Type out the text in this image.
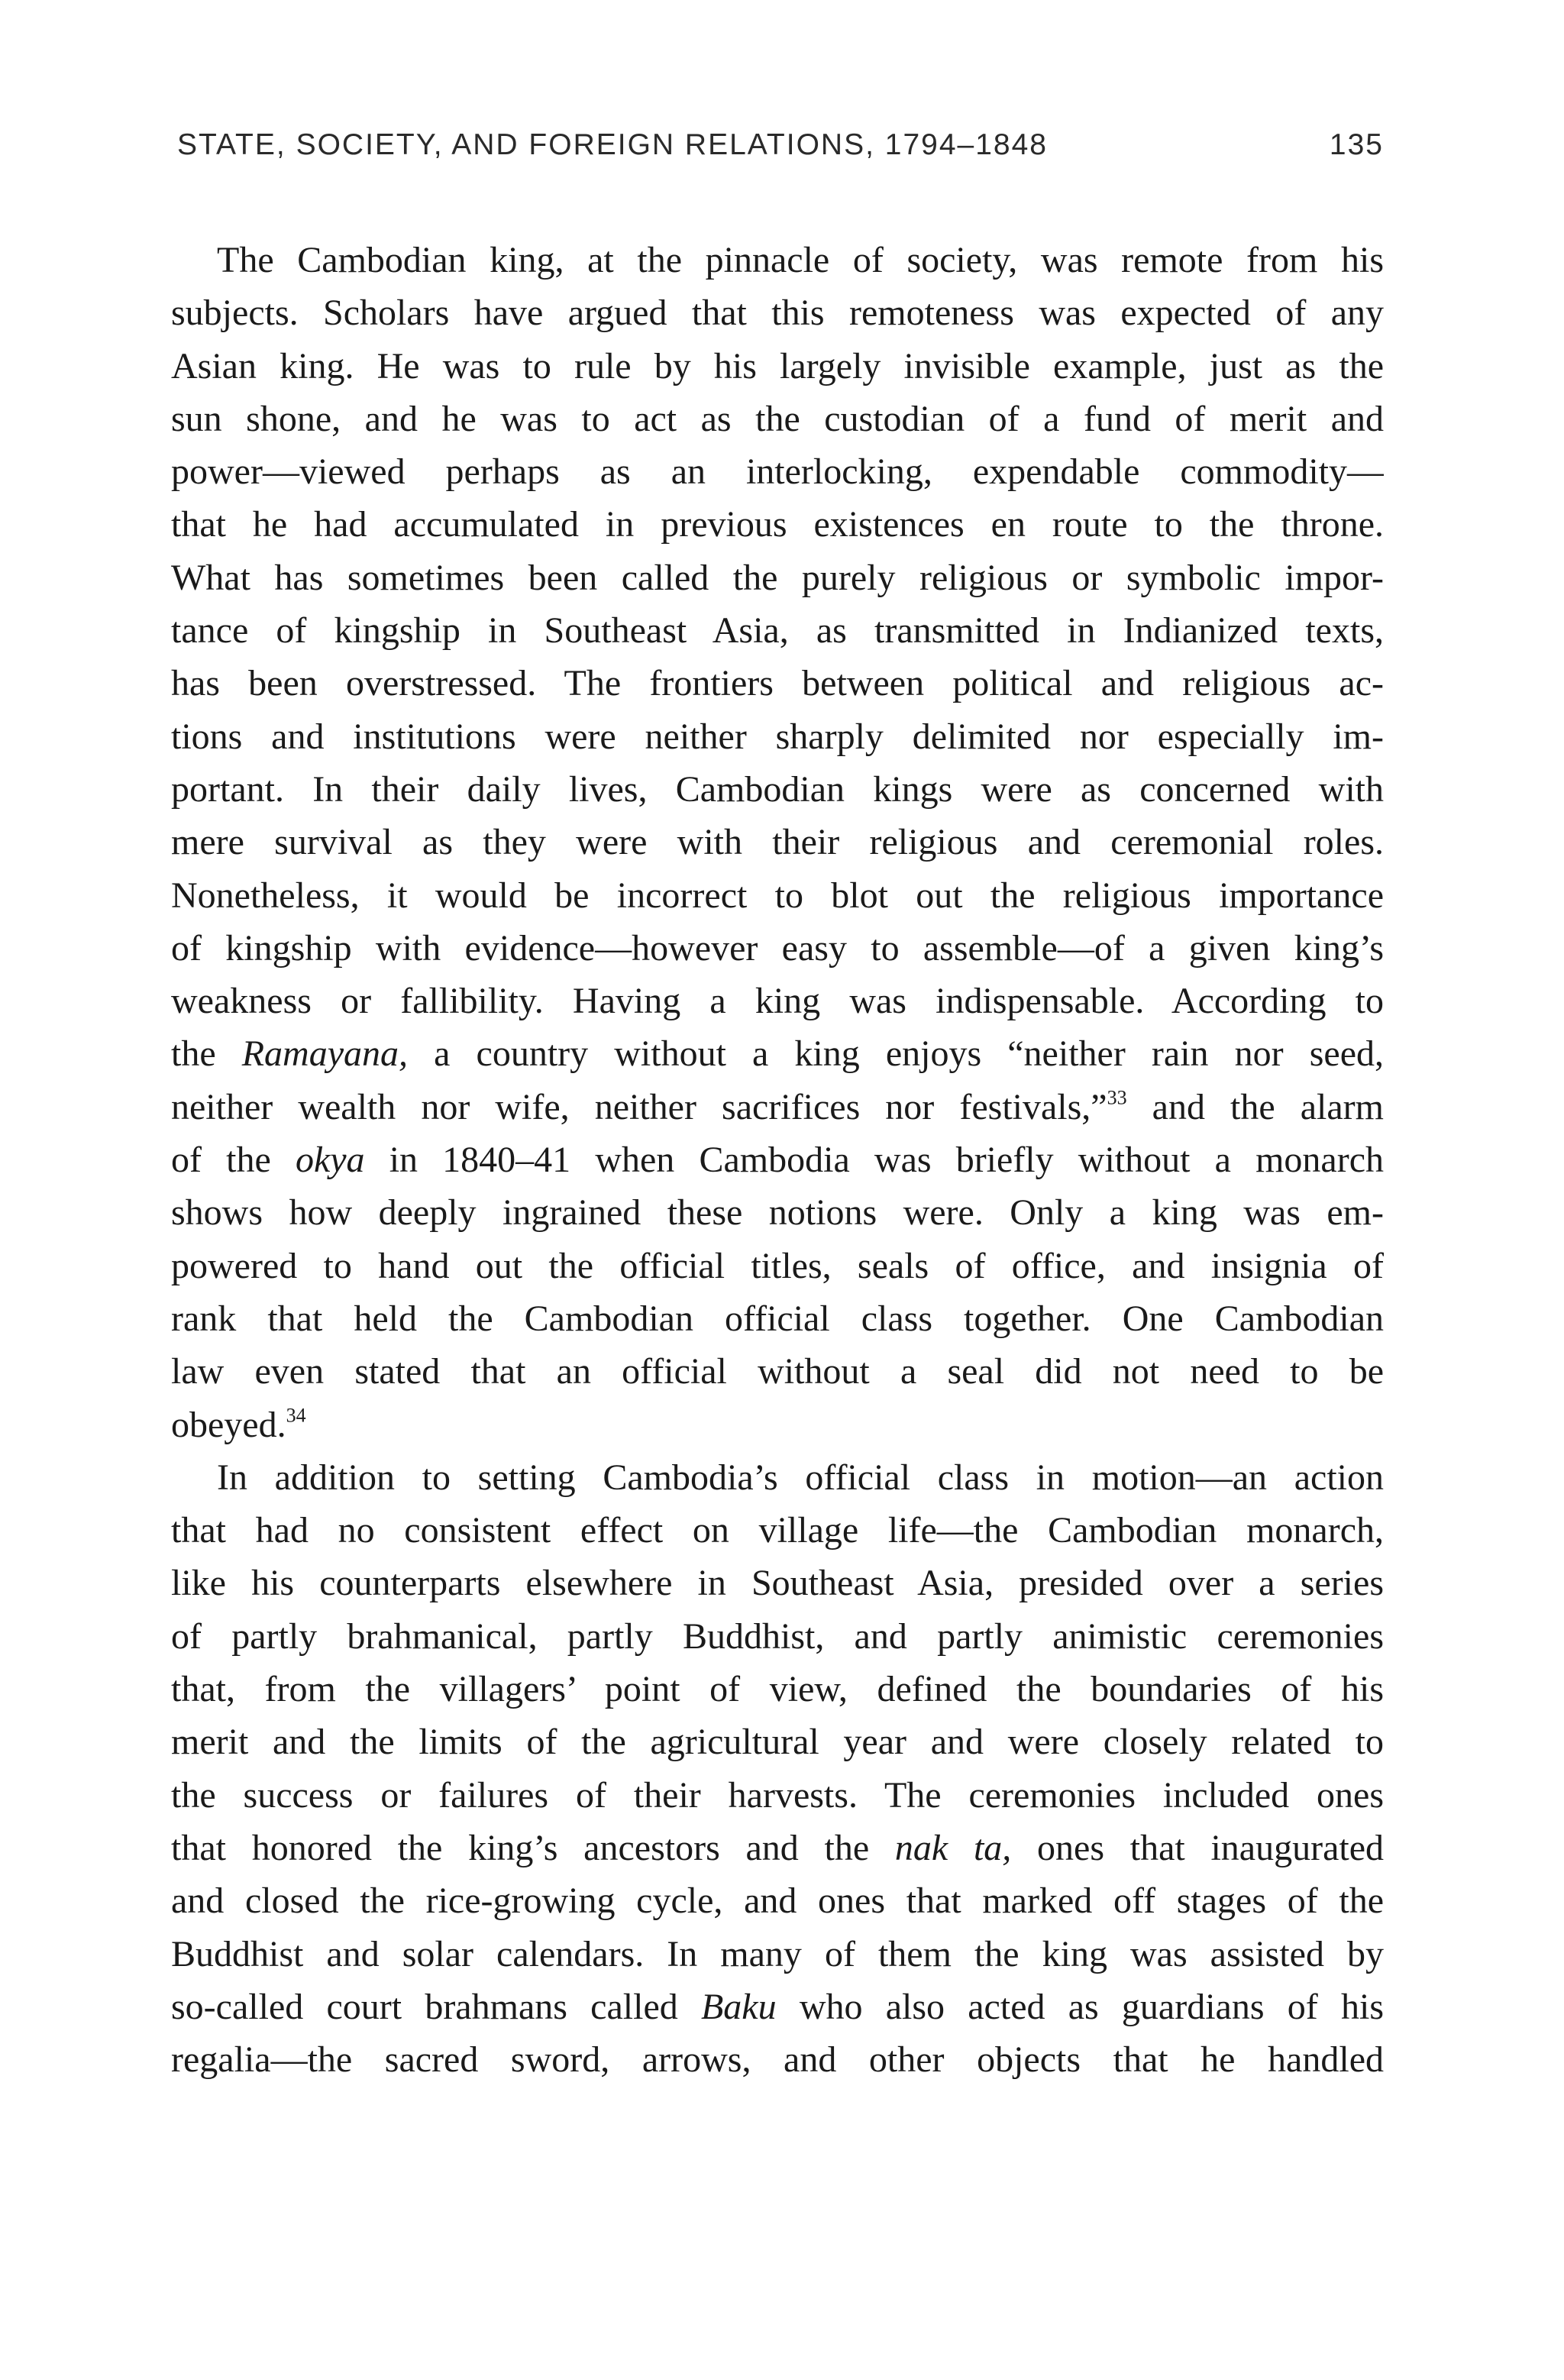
STATE, SOCIETY, AND FOREIGN RELATIONS, 1794–1848	135
The Cambodian king, at the pinnacle of society, was remote from his
subjects. Scholars have argued that this remoteness was expected of any
Asian king. He was to rule by his largely invisible example, just as the
sun shone, and he was to act as the custodian of a fund of merit and
power—viewed perhaps as an interlocking, expendable commodity—
that he had accumulated in previous existences en route to the throne.
What has sometimes been called the purely religious or symbolic impor-
tance of kingship in Southeast Asia, as transmitted in Indianized texts,
has been overstressed. The frontiers between political and religious ac-
tions and institutions were neither sharply delimited nor especially im-
portant. In their daily lives, Cambodian kings were as concerned with
mere survival as they were with their religious and ceremonial roles.
Nonetheless, it would be incorrect to blot out the religious importance
of kingship with evidence—however easy to assemble—of a given king’s
weakness or fallibility. Having a king was indispensable. According to
the Ramayana, a country without a king enjoys “neither rain nor seed,
neither wealth nor wife, neither sacrifices nor festivals,”$^{33}$ and the alarm
of the okya in 1840–41 when Cambodia was briefly without a monarch
shows how deeply ingrained these notions were. Only a king was em-
powered to hand out the official titles, seals of office, and insignia of
rank that held the Cambodian official class together. One Cambodian
law even stated that an official without a seal did not need to be
obeyed.$^{34}$
In addition to setting Cambodia’s official class in motion—an action
that had no consistent effect on village life—the Cambodian monarch,
like his counterparts elsewhere in Southeast Asia, presided over a series
of partly brahmanical, partly Buddhist, and partly animistic ceremonies
that, from the villagers’ point of view, defined the boundaries of his
merit and the limits of the agricultural year and were closely related to
the success or failures of their harvests. The ceremonies included ones
that honored the king’s ancestors and the nak ta, ones that inaugurated
and closed the rice-growing cycle, and ones that marked off stages of the
Buddhist and solar calendars. In many of them the king was assisted by
so-called court brahmans called Baku who also acted as guardians of his
regalia—the sacred sword, arrows, and other objects that he handled
